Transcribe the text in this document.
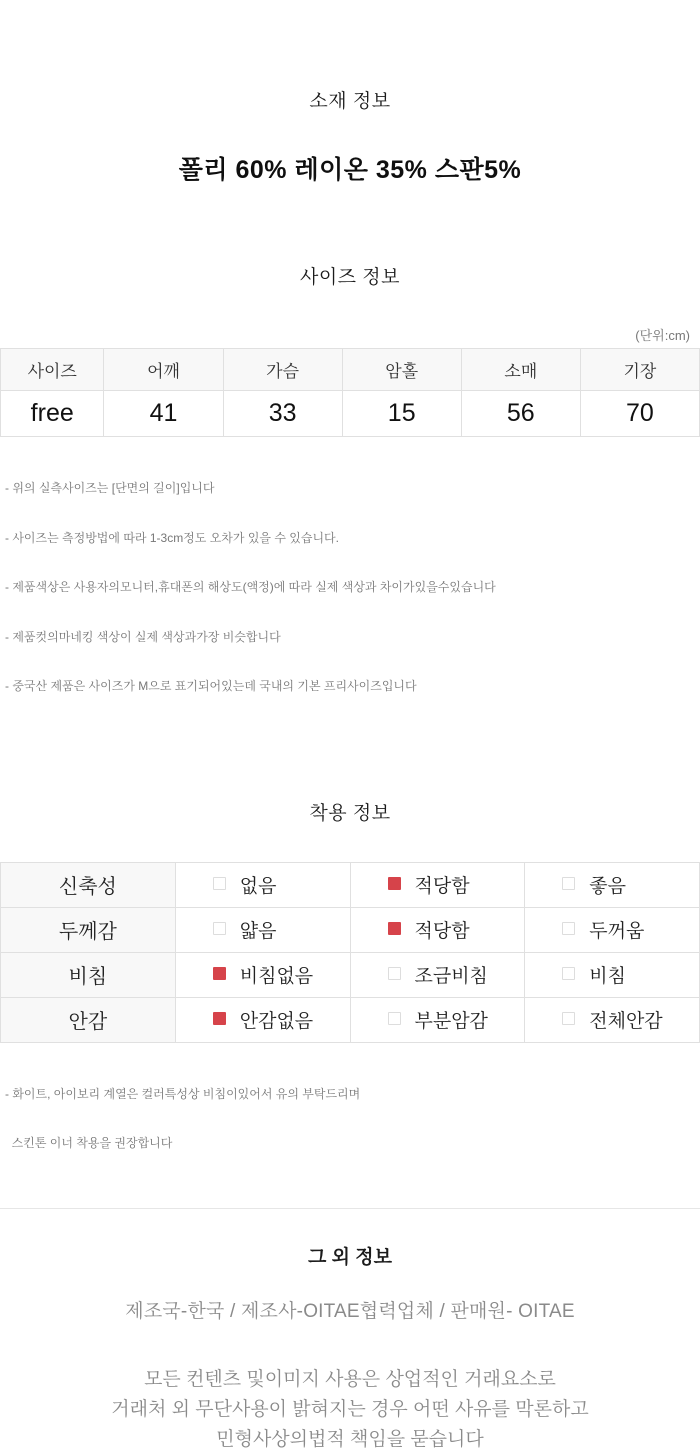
소재 정보

폴리 60% 레이온 35% 스판5%

사이즈 정보
(단위:cm)
사이즈	어깨	가슴	암홀	소매	기장
free	41	33	15	56	70

- 위의 실측사이즈는 [단면의 길이]입니다

- 사이즈는 측정방법에 따라 1-3cm정도 오차가 있을 수 있습니다.

- 제품색상은 사용자의모니터,휴대폰의 해상도(액정)에 따라 실제 색상과 차이가있을수있습니다

- 제품컷의마네킹 색상이 실제 색상과가장 비슷합니다

- 중국산 제품은 사이즈가 M으로 표기되어있는데 국내의 기본 프리사이즈입니다

착용 정보
신축성	없음	적당함	좋음
두께감	얇음	적당함	두꺼움
비침	비침없음	조금비침	비침
안감	안감없음	부분암감	전체안감

- 화이트, 아이보리 계열은 컬러특성상 비침이있어서 유의 부탁드리며

스킨톤 이너 착용을 권장합니다

그 외 정보

제조국-한국 / 제조사-OITAE협력업체 / 판매원- OITAE

모든 컨텐츠 및이미지 사용은 상업적인 거래요소로
거래처 외 무단사용이 밝혀지는 경우 어떤 사유를 막론하고
민형사상의법적 책임을 묻습니다
